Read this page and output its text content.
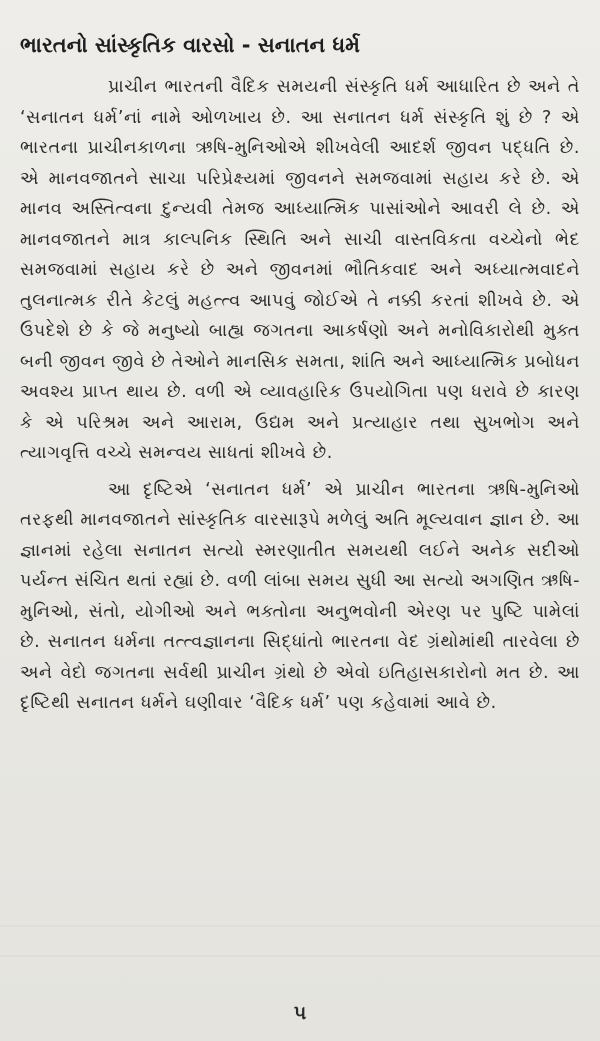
ભારતનો સાંસ્કૃતિક વારસો - સનાતન ધર્મ

પ્રાચીન ભારતની વૈદિક સમયની સંસ્કૃતિ ધર્મ આધારિત છે અને તે ‘સનાતન ધર્મ’નાં નામે ઓળખાય છે. આ સનાતન ધર્મ સંસ્કૃતિ શું છે ? એ ભારતના પ્રાચીનકાળના ઋષિ-મુનિઓએ શીખવેલી આદર્શ જીવન પદ્ધતિ છે. એ માનવજાતને સાચા પરિપ્રેક્ષ્યમાં જીવનને સમજવામાં સહાય કરે છે. એ માનવ અસ્તિત્વના દુન્યવી તેમજ આધ્યાત્મિક પાસાંઓને આવરી લે છે. એ માનવજાતને માત્ર કાલ્પનિક સ્થિતિ અને સાચી વાસ્તવિકતા વચ્ચેનો ભેદ સમજવામાં સહાય કરે છે અને જીવનમાં ભૌતિકવાદ અને અધ્યાત્મવાદને તુલનાત્મક રીતે કેટલું મહત્ત્વ આપવું જોઈએ તે નક્કી કરતાં શીખવે છે. એ ઉપદેશે છે કે જે મનુષ્યો બાહ્ય જગતના આકર્ષણો અને મનોવિકારોથી મુક્ત બની જીવન જીવે છે તેઓને માનસિક સમતા, શાંતિ અને આધ્યાત્મિક પ્રબોધન અવશ્ય પ્રાપ્ત થાય છે. વળી એ વ્યાવહારિક ઉપયોગિતા પણ ધરાવે છે કારણ કે એ પરિશ્રમ અને આરામ, ઉદ્યમ અને પ્રત્યાહાર તથા સુખભોગ અને ત્યાગવૃત્તિ વચ્ચે સમન્વય સાધતાં શીખવે છે.

આ દૃષ્ટિએ ‘સનાતન ધર્મ’ એ પ્રાચીન ભારતના ઋષિ-મુનિઓ તરફથી માનવજાતને સાંસ્કૃતિક વારસારૂપે મળેલું અતિ મૂલ્યવાન જ્ઞાન છે. આ જ્ઞાનમાં રહેલા સનાતન સત્યો સ્મરણાતીત સમયથી લઈને અનેક સદીઓ પર્યન્ત સંચિત થતાં રહ્યાં છે. વળી લાંબા સમય સુધી આ સત્યો અગણિત ઋષિ-મુનિઓ, સંતો, યોગીઓ અને ભક્તોના અનુભવોની એરણ પર પુષ્ટિ પામેલાં છે. સનાતન ધર્મના તત્ત્વજ્ઞાનના સિદ્ધાંતો ભારતના વેદ ગ્રંથોમાંથી તારવેલા છે અને વેદો જગતના સર્વથી પ્રાચીન ગ્રંથો છે એવો ઇતિહાસકારોનો મત છે. આ દૃષ્ટિથી સનાતન ધર્મને ઘણીવાર ‘વૈદિક ધર્મ’ પણ કહેવામાં આવે છે.

૫
